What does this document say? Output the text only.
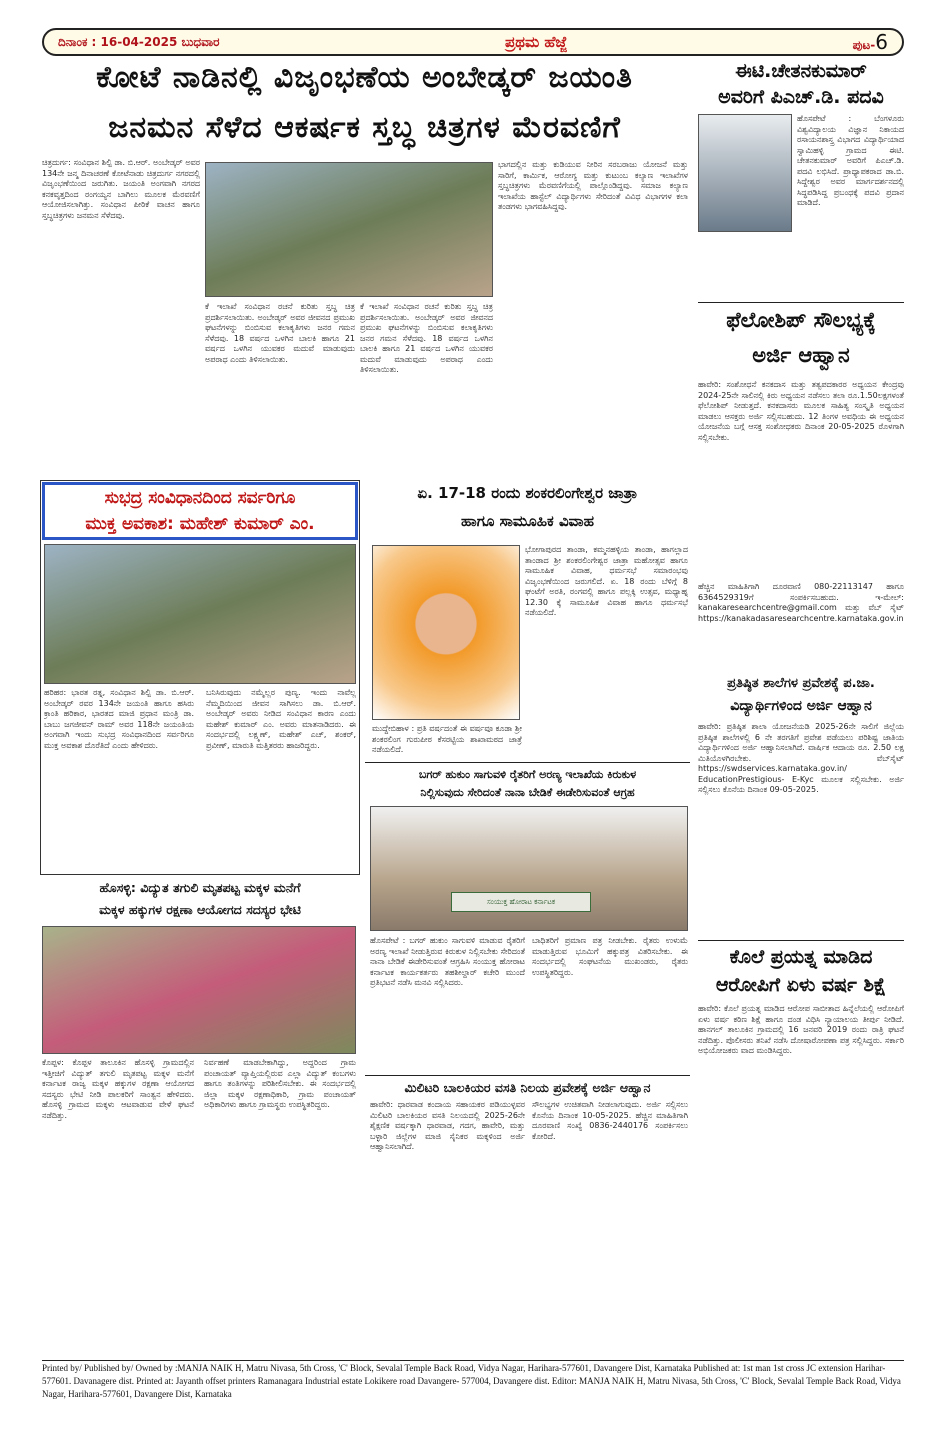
ದಿನಾಂಕ : 16-04-2025 ಬುಧವಾರ	ಪ್ರಥಮ ಹೆಜ್ಜೆ	ಪುಟ-6
ಕೋಟೆ ನಾಡಿನಲ್ಲಿ ವಿಜೃಂಭಣೆಯ ಅಂಬೇಡ್ಕರ್ ಜಯಂತಿ
ಜನಮನ ಸೆಳೆದ ಆಕರ್ಷಕ ಸ್ತಬ್ಧ ಚಿತ್ರಗಳ ಮೆರವಣಿಗೆ
ಚಿತ್ರದುರ್ಗ: ಸಂವಿಧಾನ ಶಿಲ್ಪಿ ಡಾ. ಬಿ.ಆರ್. ಅಂಬೇಡ್ಕರ್ ಅವರ 134ನೇ ಜನ್ಮ ದಿನಾಚರಣೆ ಕೋಟೆನಾಡು ಚಿತ್ರದುರ್ಗ ನಗರದಲ್ಲಿ ವಿಜೃಂಭಣೆಯಿಂದ ಜರುಗಿತು. ಜಯಂತಿ ಅಂಗವಾಗಿ ನಗರದ ಕನಕವೃತ್ತದಿಂದ ರಂಗಯ್ಯನ ಬಾಗಿಲು ಮೂಲಕ ಮೆರವಣಿಗೆ ಆಯೋಜಿಸಲಾಗಿತ್ತು. ಸಂವಿಧಾನ ಪೀಠಿಕೆ ವಾಚನ ಹಾಗೂ ಸ್ತಬ್ಧಚಿತ್ರಗಳು ಜನಮನ ಸೆಳೆದವು.
ಕೆ ಇಲಾಖೆ ಸಂವಿಧಾನ ರಚನೆ ಕುರಿತು ಸ್ತಬ್ಧ ಚಿತ್ರ ಪ್ರದರ್ಶಿಸಲಾಯಿತು. ಅಂಬೇಡ್ಕರ್ ಅವರ ಜೀವನದ ಪ್ರಮುಖ ಘಟನೆಗಳನ್ನು ಬಿಂಬಿಸುವ ಕಲಾಕೃತಿಗಳು ಜನರ ಗಮನ ಸೆಳೆದವು. 18 ವರ್ಷದ ಒಳಗಿನ ಬಾಲಕಿ ಹಾಗೂ 21 ವರ್ಷದ ಒಳಗಿನ ಯುವಕರ ಮದುವೆ ಮಾಡುವುದು ಅಪರಾಧ ಎಂದು ತಿಳಿಸಲಾಯಿತು.
ಕೆ ಇಲಾಖೆ ಸಂವಿಧಾನ ರಚನೆ ಕುರಿತು ಸ್ತಬ್ಧ ಚಿತ್ರ ಪ್ರದರ್ಶಿಸಲಾಯಿತು. ಅಂಬೇಡ್ಕರ್ ಅವರ ಜೀವನದ ಪ್ರಮುಖ ಘಟನೆಗಳನ್ನು ಬಿಂಬಿಸುವ ಕಲಾಕೃತಿಗಳು ಜನರ ಗಮನ ಸೆಳೆದವು. 18 ವರ್ಷದ ಒಳಗಿನ ಬಾಲಕಿ ಹಾಗೂ 21 ವರ್ಷದ ಒಳಗಿನ ಯುವಕರ ಮದುವೆ ಮಾಡುವುದು ಅಪರಾಧ ಎಂದು ತಿಳಿಸಲಾಯಿತು.
ಭಾಗದಲ್ಲಿನ ಮತ್ತು ಕುಡಿಯುವ ನೀರಿನ ಸರಬರಾಜು ಯೋಜನೆ ಮತ್ತು ಸಾರಿಗೆ, ಕಾರ್ಮಿಕ, ಆರೋಗ್ಯ ಮತ್ತು ಕುಟುಂಬ ಕಲ್ಯಾಣ ಇಲಾಖೆಗಳ ಸ್ತಬ್ಧಚಿತ್ರಗಳು ಮೆರವಣಿಗೆಯಲ್ಲಿ ಪಾಲ್ಗೊಂಡಿದ್ದವು. ಸಮಾಜ ಕಲ್ಯಾಣ ಇಲಾಖೆಯ ಹಾಸ್ಟೆಲ್ ವಿದ್ಯಾರ್ಥಿಗಳು ಸೇರಿದಂತೆ ವಿವಿಧ ವಿಭಾಗಗಳ ಕಲಾ ತಂಡಗಳು ಭಾಗವಹಿಸಿದ್ದವು.
ಈಟಿ.ಚೇತನಕುಮಾರ್
ಅವರಿಗೆ ಪಿಎಚ್.ಡಿ. ಪದವಿ
ಹೊಸಪೇಟೆ : ಬೆಂಗಳೂರು ವಿಶ್ವವಿದ್ಯಾಲಯ ವಿಜ್ಞಾನ ನಿಕಾಯದ ರಸಾಯನಶಾಸ್ತ್ರ ವಿಭಾಗದ ವಿದ್ಯಾರ್ಥಿಯಾದ ಸ್ವಾಮಿಹಳ್ಳಿ ಗ್ರಾಮದ ಈಟಿ. ಚೇತನಕುಮಾರ್ ಅವರಿಗೆ ಪಿಎಚ್.ಡಿ. ಪದವಿ ಲಭಿಸಿದೆ. ಪ್ರಾಧ್ಯಾಪಕರಾದ ಡಾ.ಬಿ. ಸಿದ್ದೇಶ್ವರ ಅವರ ಮಾರ್ಗದರ್ಶನದಲ್ಲಿ ಸಿದ್ಧಪಡಿಸಿದ್ದ ಪ್ರಬಂಧಕ್ಕೆ ಪದವಿ ಪ್ರದಾನ ಮಾಡಿದೆ.
ಫೆಲೋಶಿಪ್ ಸೌಲಭ್ಯಕ್ಕೆ
ಅರ್ಜಿ ಆಹ್ವಾನ
ಹಾವೇರಿ: ಸಂಶೋಧನೆ ಕನಕದಾಸ ಮತ್ತು ತತ್ವಪದಕಾರರ ಅಧ್ಯಯನ ಕೇಂದ್ರವು 2024-25ನೇ ಸಾಲಿನಲ್ಲಿ ಕಿರು ಅಧ್ಯಯನ ನಡೆಸಲು ತಲಾ ರೂ.1.50ಲಕ್ಷಗಳಂತೆ ಫೆಲೋಶಿಪ್ ನೀಡುತ್ತದೆ. ಕನಕದಾಸರು ಮೂಲಕ ಸಾಹಿತ್ಯ ಸಂಸ್ಕೃತಿ ಅಧ್ಯಯನ ಮಾಡಲು ಆಸಕ್ತರು ಅರ್ಜಿ ಸಲ್ಲಿಸಬಹುದು. 12 ತಿಂಗಳ ಅವಧಿಯ ಈ ಅಧ್ಯಯನ ಯೋಜನೆಯ ಬಗ್ಗೆ ಆಸಕ್ತ ಸಂಶೋಧಕರು ದಿನಾಂಕ 20-05-2025 ರೊಳಗಾಗಿ ಸಲ್ಲಿಸಬೇಕು.
ಹೆಚ್ಚಿನ ಮಾಹಿತಿಗಾಗಿ ದೂರವಾಣಿ 080-22113147 ಹಾಗೂ 6364529319ಗೆ ಸಂಪರ್ಕಿಸಬಹುದು. ಇ-ಮೇಲ್: kanakaresearchcentre@gmail.com ಮತ್ತು ವೆಬ್ ಸೈಟ್ https://kanakadasaresearchcentre.karnataka.gov.in
ಪ್ರತಿಷ್ಠಿತ ಶಾಲೆಗಳ ಪ್ರವೇಶಕ್ಕೆ ಪ.ಜಾ.
ವಿದ್ಯಾರ್ಥಿಗಳಿಂದ ಅರ್ಜಿ ಆಹ್ವಾನ
ಹಾವೇರಿ: ಪ್ರತಿಷ್ಠಿತ ಶಾಲಾ ಯೋಜನೆಯಡಿ 2025-26ನೇ ಸಾಲಿಗೆ ಜಿಲ್ಲೆಯ ಪ್ರತಿಷ್ಠಿತ ಶಾಲೆಗಳಲ್ಲಿ 6 ನೇ ತರಗತಿಗೆ ಪ್ರವೇಶ ಪಡೆಯಲು ಪರಿಶಿಷ್ಟ ಜಾತಿಯ ವಿದ್ಯಾರ್ಥಿಗಳಿಂದ ಅರ್ಜಿ ಆಹ್ವಾನಿಸಲಾಗಿದೆ. ವಾರ್ಷಿಕ ಆದಾಯ ರೂ. 2.50 ಲಕ್ಷ ಮಿತಿಯೊಳಗಿರಬೇಕು. ವೆಬ್‌ಸೈಟ್ https://swdservices.karnataka.gov.in/ EducationPrestigious- E-Kyc ಮೂಲಕ ಸಲ್ಲಿಸಬೇಕು. ಅರ್ಜಿ ಸಲ್ಲಿಸಲು ಕೊನೆಯ ದಿನಾಂಕ 09-05-2025.
ಕೊಲೆ ಪ್ರಯತ್ನ ಮಾಡಿದ
ಆರೋಪಿಗೆ ಏಳು ವರ್ಷ ಶಿಕ್ಷೆ
ಹಾವೇರಿ: ಕೊಲೆ ಪ್ರಯತ್ನ ಮಾಡಿದ ಆರೋಪ ಸಾಬೀತಾದ ಹಿನ್ನೆಲೆಯಲ್ಲಿ ಆರೋಪಿಗೆ ಏಳು ವರ್ಷ ಕಠಿಣ ಶಿಕ್ಷೆ ಹಾಗೂ ದಂಡ ವಿಧಿಸಿ ನ್ಯಾಯಾಲಯ ತೀರ್ಪು ನೀಡಿದೆ. ಹಾನಗಲ್ ತಾಲೂಕಿನ ಗ್ರಾಮದಲ್ಲಿ 16 ಜನವರಿ 2019 ರಂದು ರಾತ್ರಿ ಘಟನೆ ನಡೆದಿತ್ತು. ಪೊಲೀಸರು ತನಿಖೆ ನಡೆಸಿ ದೋಷಾರೋಪಣಾ ಪತ್ರ ಸಲ್ಲಿಸಿದ್ದರು. ಸರ್ಕಾರಿ ಅಭಿಯೋಜಕರು ವಾದ ಮಂಡಿಸಿದ್ದರು.
ಸುಭದ್ರ ಸಂವಿಧಾನದಿಂದ ಸರ್ವರಿಗೂ
ಮುಕ್ತ ಅವಕಾಶ: ಮಹೇಶ್ ಕುಮಾರ್ ಎಂ.
ಹರಿಹರ: ಭಾರತ ರತ್ನ, ಸಂವಿಧಾನ ಶಿಲ್ಪಿ ಡಾ. ಬಿ.ಆರ್. ಅಂಬೇಡ್ಕರ್ ರವರ 134ನೇ ಜಯಂತಿ ಹಾಗೂ ಹಸಿರು ಕ್ರಾಂತಿ ಹರಿಕಾರ, ಭಾರತದ ಮಾಜಿ ಪ್ರಧಾನ ಮಂತ್ರಿ ಡಾ. ಬಾಬು ಜಗಜೀವನ್ ರಾಮ್ ಅವರ 118ನೇ ಜಯಂತಿಯ ಅಂಗವಾಗಿ ಇಂದು ಸುಭದ್ರ ಸಂವಿಧಾನದಿಂದ ಸರ್ವರಿಗೂ ಮುಕ್ತ ಅವಕಾಶ ದೊರೆತಿದೆ ಎಂದು ಹೇಳಿದರು.
ಬನಿಸಿರುವುದು ನಮ್ಮೆಲ್ಲರ ಪುಣ್ಯ. ಇಂದು ನಾವೆಲ್ಲ ನೆಮ್ಮದಿಯಿಂದ ಜೀವನ ಸಾಗಿಸಲು ಡಾ. ಬಿ.ಆರ್. ಅಂಬೇಡ್ಕರ್ ಅವರು ನೀಡಿದ ಸಂವಿಧಾನ ಕಾರಣ ಎಂದು ಮಹೇಶ್ ಕುಮಾರ್ ಎಂ. ಅವರು ಮಾತನಾಡಿದರು. ಈ ಸಂದರ್ಭದಲ್ಲಿ ಲಕ್ಷ್ಮಣ್, ಮಹೇಶ್ ಎಚ್, ಶಂಕರ್, ಪ್ರವೀಣ್, ಮಾರುತಿ ಮತ್ತಿತರರು ಹಾಜರಿದ್ದರು.
ಏ. 17-18 ರಂದು ಶಂಕರಲಿಂಗೇಶ್ವರ ಜಾತ್ರಾ
ಹಾಗೂ ಸಾಮೂಹಿಕ ವಿವಾಹ
ಭೋಗಾಪುರದ ತಾಂಡಾ, ಕಮ್ಮನಹಳ್ಳಿಯ ತಾಂಡಾ, ಹಾಗಲ್ಲಾದ ತಾಂಡಾದ ಶ್ರೀ ಶಂಕರಲಿಂಗೇಶ್ವರ ಜಾತ್ರಾ ಮಹೋತ್ಸವ ಹಾಗೂ ಸಾಮೂಹಿಕ ವಿವಾಹ, ಧರ್ಮಸಭೆ ಸಮಾರಂಭವು ವಿಜೃಂಭಣೆಯಿಂದ ಜರುಗಲಿದೆ. ಏ. 18 ರಂದು ಬೆಳಿಗ್ಗೆ 8 ಘಂಟೆಗೆ ಅರತಿ, ರಂಗವಲ್ಲಿ ಹಾಗೂ ಪಲ್ಲಕ್ಕಿ ಉತ್ಸವ, ಮಧ್ಯಾಹ್ನ 12.30 ಕ್ಕೆ ಸಾಮೂಹಿಕ ವಿವಾಹ ಹಾಗೂ ಧರ್ಮಸಭೆ ನಡೆಯಲಿದೆ.
ಮುದ್ದೇಬಿಹಾಳ : ಪ್ರತಿ ವರ್ಷದಂತೆ ಈ ವರ್ಷವೂ ಕೂಡಾ ಶ್ರೀ ಶಂಕರಲಿಂಗ ಗುರುಪೀಠ ಕೆಸರಟ್ಟಿಯ ಶಾಖಾಮಠದ ಜಾತ್ರೆ ನಡೆಯಲಿದೆ.
ಬಗರ್ ಹುಕುಂ ಸಾಗುವಳಿ ರೈತರಿಗೆ ಅರಣ್ಯ ಇಲಾಖೆಯ ಕಿರುಕುಳ
ನಿಲ್ಲಿಸುವುದು ಸೇರಿದಂತೆ ನಾನಾ ಬೇಡಿಕೆ ಈಡೇರಿಸುವಂತೆ ಆಗ್ರಹ
ಸಂಯುಕ್ತ ಹೋರಾಟ ಕರ್ನಾಟಕ
ಹೊಸಪೇಟೆ : ಬಗರ್ ಹುಕುಂ ಸಾಗುವಳಿ ಮಾಡುವ ರೈತರಿಗೆ ಅರಣ್ಯ ಇಲಾಖೆ ನೀಡುತ್ತಿರುವ ಕಿರುಕುಳ ನಿಲ್ಲಿಸಬೇಕು ಸೇರಿದಂತೆ ನಾನಾ ಬೇಡಿಕೆ ಈಡೇರಿಸುವಂತೆ ಆಗ್ರಹಿಸಿ ಸಂಯುಕ್ತ ಹೋರಾಟ ಕರ್ನಾಟಕ ಕಾರ್ಯಕರ್ತರು ತಹಶೀಲ್ದಾರ್ ಕಚೇರಿ ಮುಂದೆ ಪ್ರತಿಭಟನೆ ನಡೆಸಿ ಮನವಿ ಸಲ್ಲಿಸಿದರು.
ಬಾಧಿತರಿಗೆ ಪ್ರಮಾಣ ಪತ್ರ ನೀಡಬೇಕು. ರೈತರು ಉಳುಮೆ ಮಾಡುತ್ತಿರುವ ಭೂಮಿಗೆ ಹಕ್ಕುಪತ್ರ ವಿತರಿಸಬೇಕು. ಈ ಸಂದರ್ಭದಲ್ಲಿ ಸಂಘಟನೆಯ ಮುಖಂಡರು, ರೈತರು ಉಪಸ್ಥಿತರಿದ್ದರು.
ಮಿಲಿಟರಿ ಬಾಲಕಿಯರ ವಸತಿ ನಿಲಯ ಪ್ರವೇಶಕ್ಕೆ ಅರ್ಜಿ ಆಹ್ವಾನ
ಹಾವೇರಿ: ಧಾರವಾಡ ಕಂದಾಯ ಸಹಾಯಕರ ಪಡಿಯುಳ್ಳವರ ಮಿಲಿಟರಿ ಬಾಲಕಿಯರ ವಸತಿ ನಿಲಯದಲ್ಲಿ 2025-26ನೇ ಶೈಕ್ಷಣಿಕ ವರ್ಷಕ್ಕಾಗಿ ಧಾರವಾಡ, ಗದಗ, ಹಾವೇರಿ, ಮತ್ತು ಬಳ್ಳಾರಿ ಜಿಲ್ಲೆಗಳ ಮಾಜಿ ಸೈನಿಕರ ಮಕ್ಕಳಿಂದ ಅರ್ಜಿ ಆಹ್ವಾನಿಸಲಾಗಿದೆ.
ಸೌಲಭ್ಯಗಳ ಉಚಿತವಾಗಿ ನೀಡಲಾಗುವುದು. ಅರ್ಜಿ ಸಲ್ಲಿಸಲು ಕೊನೆಯ ದಿನಾಂಕ 10-05-2025. ಹೆಚ್ಚಿನ ಮಾಹಿತಿಗಾಗಿ ದೂರವಾಣಿ ಸಂಖ್ಯೆ 0836-2440176 ಸಂಪರ್ಕಿಸಲು ಕೋರಿದೆ.
ಹೊಸಳ್ಳಿ: ವಿದ್ಯುತ ತಗುಲಿ ಮೃತಪಟ್ಟ ಮಕ್ಕಳ ಮನೆಗೆ
ಮಕ್ಕಳ ಹಕ್ಕುಗಳ ರಕ್ಷಣಾ ಆಯೋಗದ ಸದಸ್ಯರ ಭೇಟಿ
ಕೊಪ್ಪಳ: ಕೊಪ್ಪಳ ತಾಲೂಕಿನ ಹೊಸಳ್ಳಿ ಗ್ರಾಮದಲ್ಲಿನ ಇತ್ತೀಚಿಗೆ ವಿದ್ಯುತ್ ತಗುಲಿ ಮೃತಪಟ್ಟ ಮಕ್ಕಳ ಮನೆಗೆ ಕರ್ನಾಟಕ ರಾಜ್ಯ ಮಕ್ಕಳ ಹಕ್ಕುಗಳ ರಕ್ಷಣಾ ಆಯೋಗದ ಸದಸ್ಯರು ಭೇಟಿ ನೀಡಿ ಪಾಲಕರಿಗೆ ಸಾಂತ್ವನ ಹೇಳಿದರು. ಹೊಸಳ್ಳಿ ಗ್ರಾಮದ ಮಕ್ಕಳು ಆಟವಾಡುವ ವೇಳೆ ಘಟನೆ ನಡೆದಿತ್ತು.
ನಿರ್ವಹಣೆ ಮಾಡಬೇಕಾಗಿದ್ದು, ಅದ್ದರಿಂದ ಗ್ರಾಮ ಪಂಚಾಯತ್ ವ್ಯಾಪ್ತಿಯಲ್ಲಿರುವ ಎಲ್ಲಾ ವಿದ್ಯುತ್ ಕಂಬಗಳು ಹಾಗೂ ತಂತಿಗಳನ್ನು ಪರಿಶೀಲಿಸಬೇಕು. ಈ ಸಂದರ್ಭದಲ್ಲಿ ಜಿಲ್ಲಾ ಮಕ್ಕಳ ರಕ್ಷಣಾಧಿಕಾರಿ, ಗ್ರಾಮ ಪಂಚಾಯತ್ ಅಧಿಕಾರಿಗಳು ಹಾಗೂ ಗ್ರಾಮಸ್ಥರು ಉಪಸ್ಥಿತರಿದ್ದರು.
Printed by/ Published by/ Owned by :MANJA NAIK H, Matru Nivasa, 5th Cross, 'C' Block, Sevalal Temple Back Road, Vidya Nagar, Harihara-577601, Davangere Dist, Karnataka Published at: 1st man 1st cross JC extension Harihar- 577601. Davanagere dist. Printed at: Jayanth offset printers Ramanagara Industrial estate Lokikere road Davangere- 577004, Davangere dist. Editor: MANJA NAIK H, Matru Nivasa, 5th Cross, 'C' Block, Sevalal Temple Back Road, Vidya Nagar, Harihara-577601, Davangere Dist, Karnataka
